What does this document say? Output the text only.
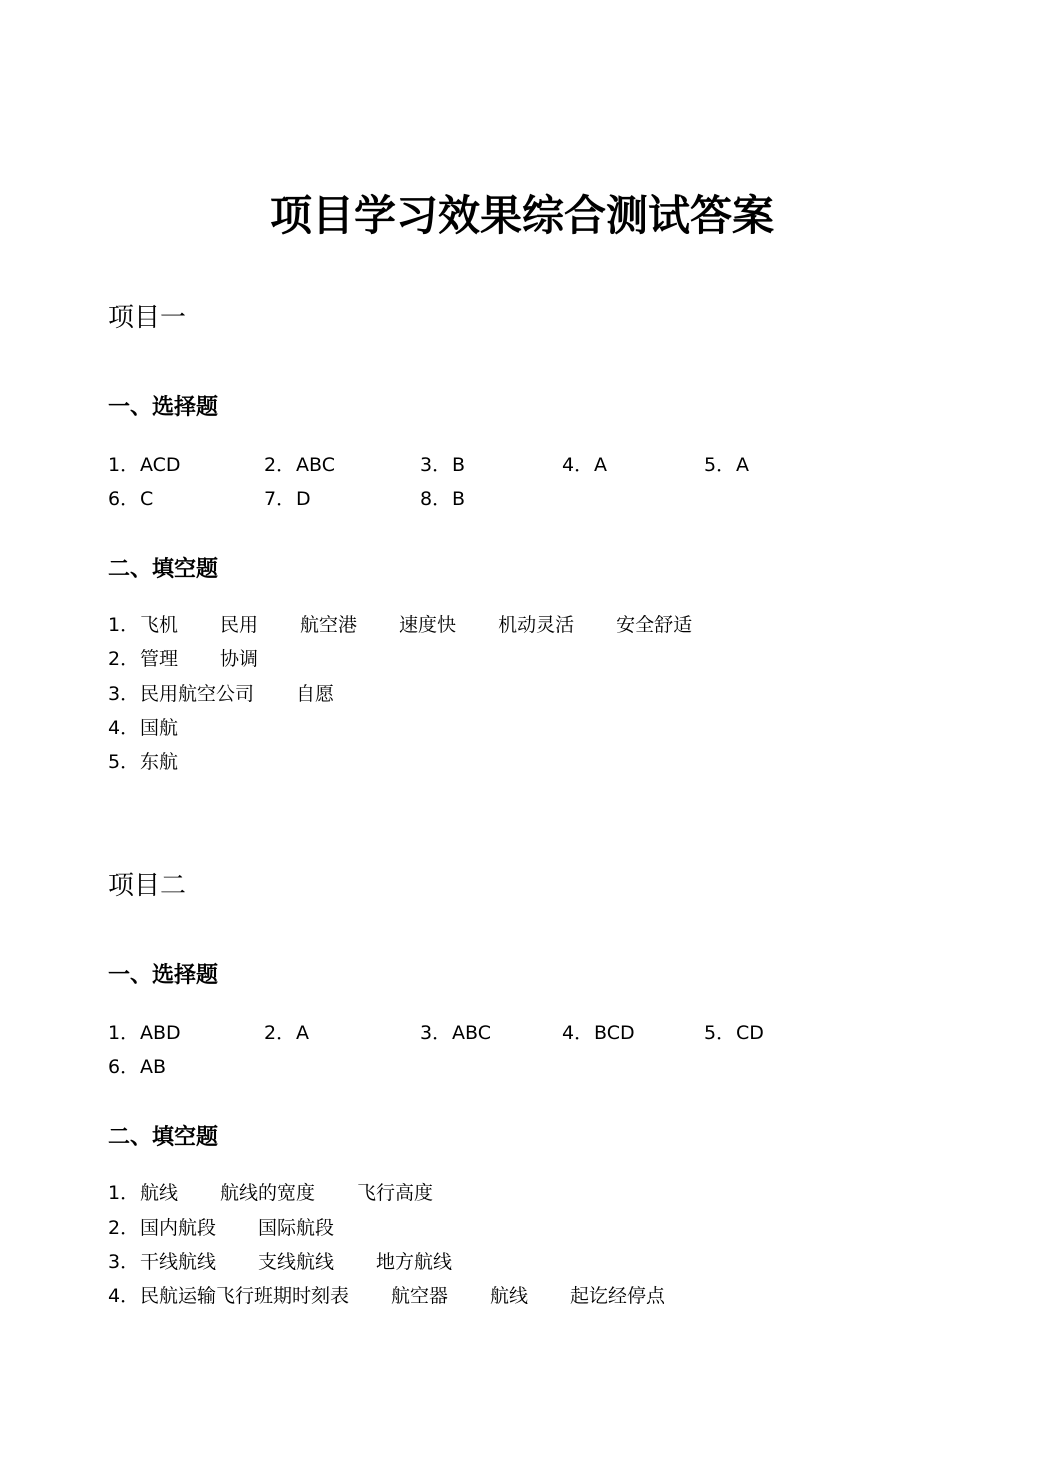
项目学习效果综合测试答案
项目一
一、选择题
1．ACD	2．ABC	3．B	4．A	5．A
6．C	7．D	8．B
二、填空题
1．飞机 民用 航空港 速度快 机动灵活 安全舒适
2．管理 协调
3．民用航空公司 自愿
4．国航
5．东航
项目二
一、选择题
1．ABD	2．A	3．ABC	4．BCD	5．CD
6．AB
二、填空题
1．航线 航线的宽度 飞行高度
2．国内航段 国际航段
3．干线航线 支线航线 地方航线
4．民航运输飞行班期时刻表 航空器 航线 起讫经停点
